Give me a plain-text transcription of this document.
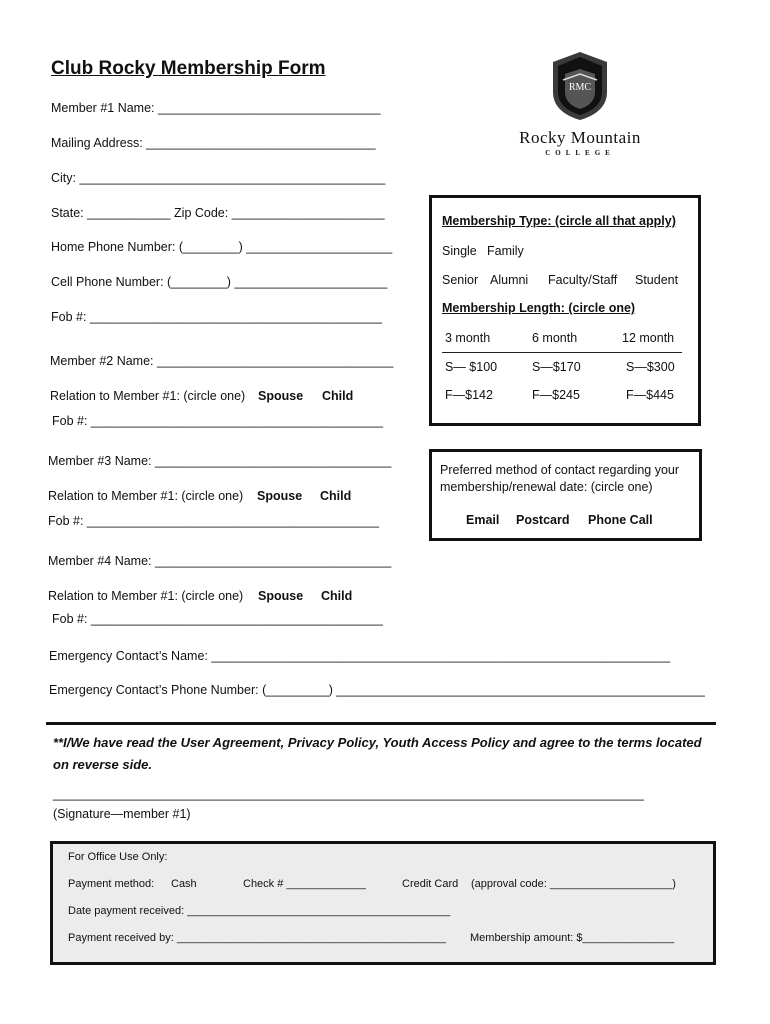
Club Rocky Membership Form
RMC
Rocky Mountain
COLLEGE
Member #1 Name: ________________________________
Mailing Address: _________________________________
City: ____________________________________________
State: ____________ Zip Code: ______________________
Home Phone Number: (________) _____________________
Cell Phone Number: (________) ______________________
Fob #: __________________________________________
Member #2 Name: __________________________________
Relation to Member #1: (circle one) Spouse Child
Fob #: __________________________________________
Member #3 Name: __________________________________
Relation to Member #1: (circle one) Spouse Child
Fob #: __________________________________________
Member #4 Name: __________________________________
Relation to Member #1: (circle one) Spouse Child
Fob #: __________________________________________
Emergency Contact’s Name: __________________________________________________________________
Emergency Contact’s Phone Number: (_________) _____________________________________________________
Membership Type: (circle all that apply)
Single Family
Senior Alumni Faculty/Staff Student
Membership Length: (circle one)
3 month	6 month	12 month
S— $100	S—$170	S—$300
F—$142	F—$245	F—$445
Preferred method of contact regarding your
membership/renewal date: (circle one)
Email Postcard Phone Call
**I/We have read the User Agreement, Privacy Policy, Youth Access Policy and agree to the terms located
on reverse side.
_____________________________________________________________________________________
(Signature—member #1)
For Office Use Only:
Payment method: Cash	Check # _____________	Credit Card (approval code: ____________________)
Date payment received: ___________________________________________
Payment received by: ____________________________________________ Membership amount: $_______________
